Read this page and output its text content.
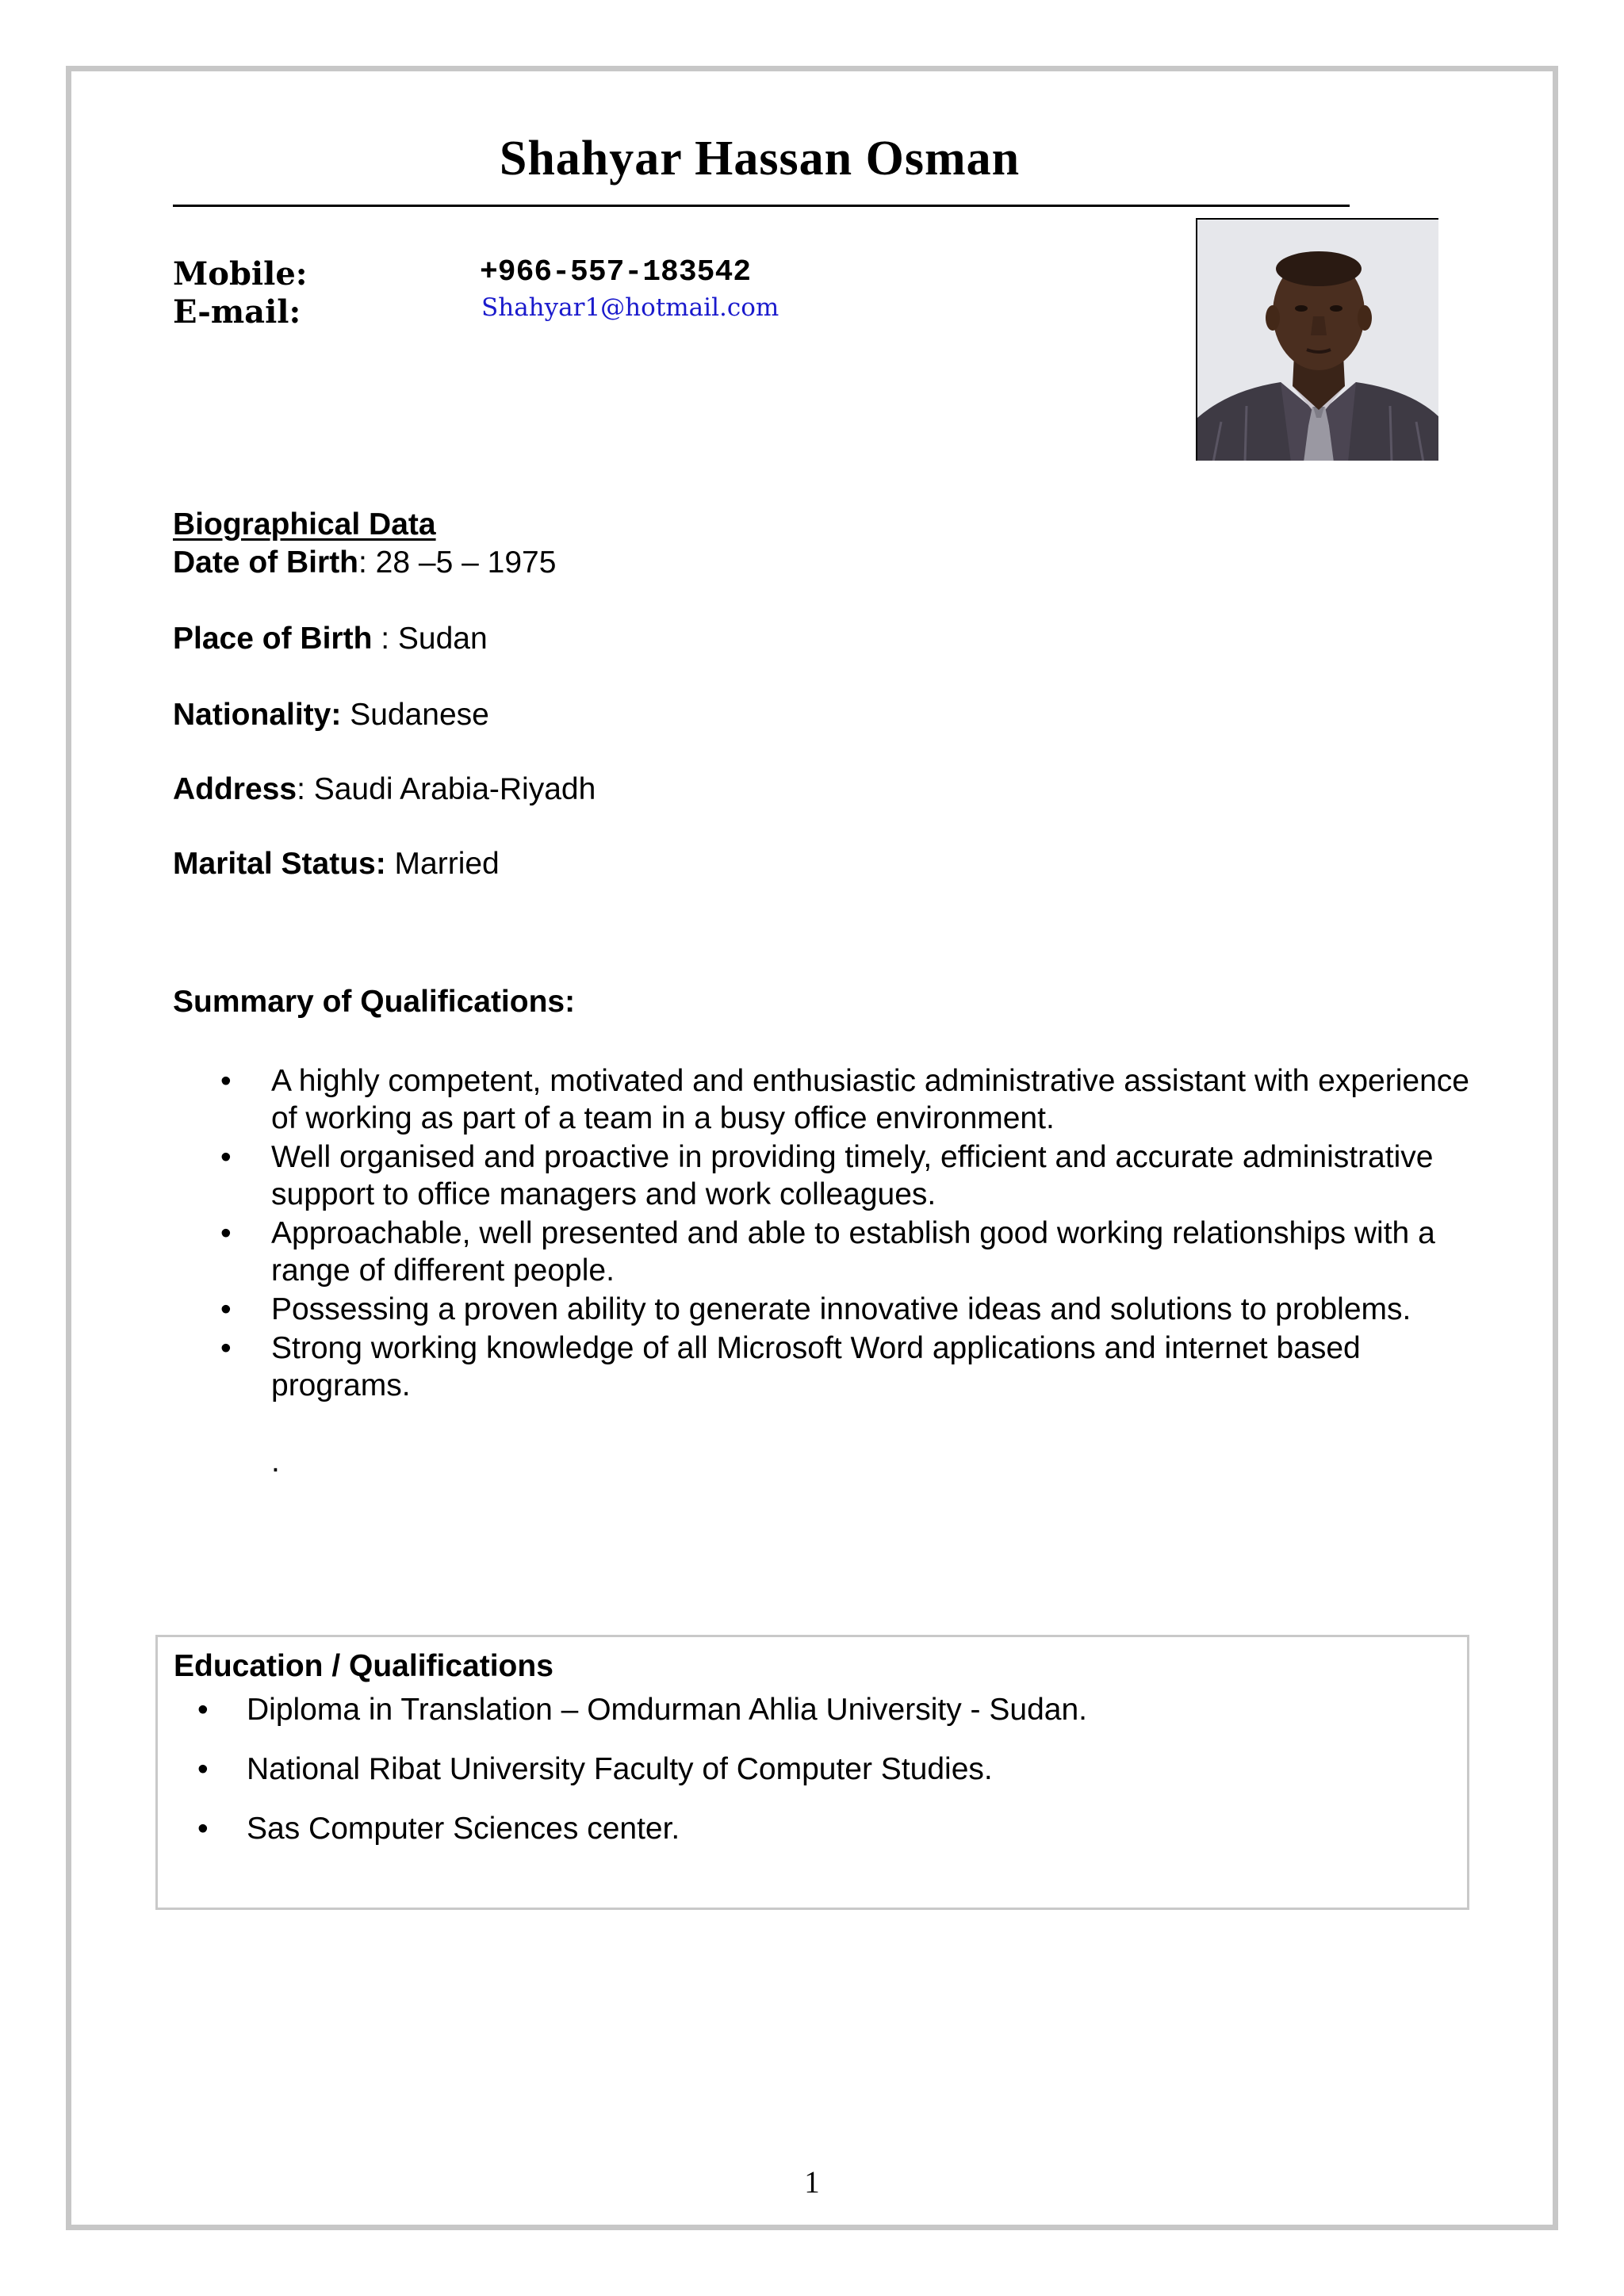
Shahyar Hassan Osman
Mobile:	+966-557-183542
E-mail:	Shahyar1@hotmail.com
Biographical Data
Date of Birth: 28 –5 – 1975
Place of Birth : Sudan
Nationality: Sudanese
Address: Saudi Arabia-Riyadh
Marital Status: Married
Summary of Qualifications:
• A highly competent, motivated and enthusiastic administrative assistant with experience of working as part of a team in a busy office environment.
• Well organised and proactive in providing timely, efficient and accurate administrative support to office managers and work colleagues.
• Approachable, well presented and able to establish good working relationships with a range of different people.
• Possessing a proven ability to generate innovative ideas and solutions to problems.
• Strong working knowledge of all Microsoft Word applications and internet based programs.
.
Education / Qualifications
• Diploma in Translation – Omdurman Ahlia University - Sudan.
• National Ribat University Faculty of Computer Studies.
• Sas Computer Sciences center.
1
